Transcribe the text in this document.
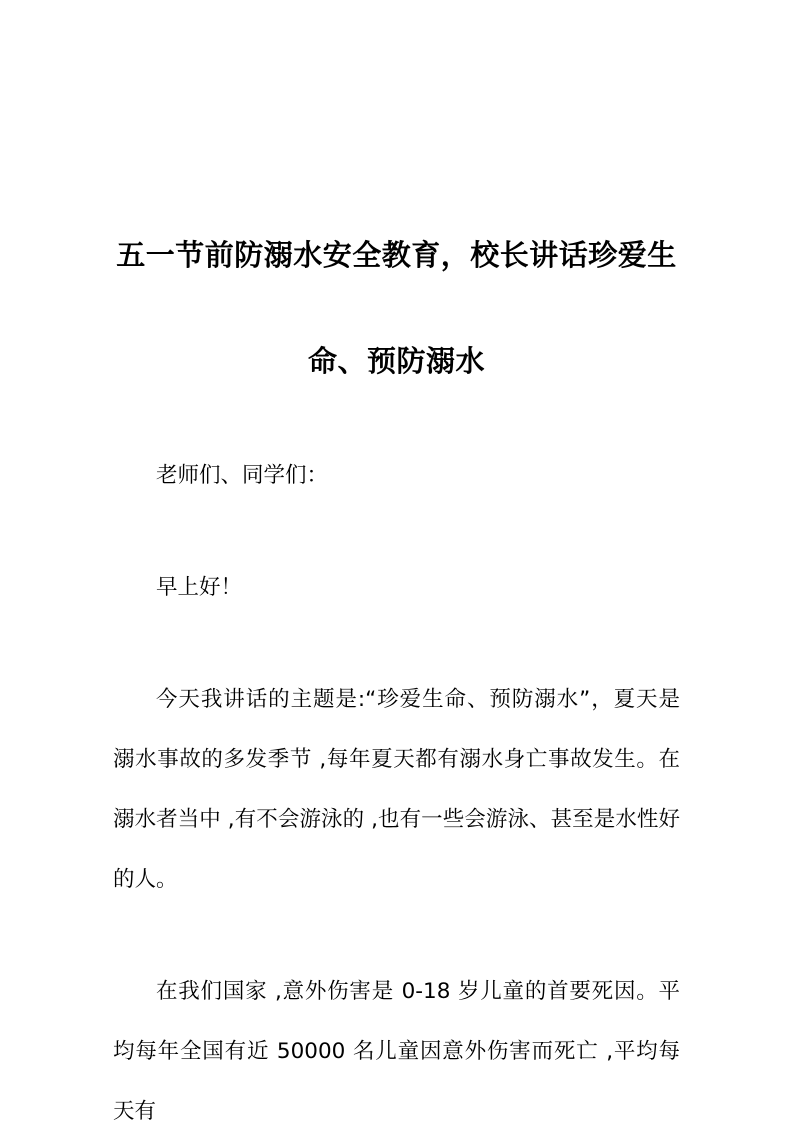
五一节前防溺水安全教育，校长讲话珍爱生命、预防溺水

老师们、同学们：

早上好！

今天我讲话的主题是:“珍爱生命、预防溺水”，夏天是溺水事故的多发季节 ,每年夏天都有溺水身亡事故发生。在溺水者当中 ,有不会游泳的 ,也有一些会游泳、甚至是水性好的人。

在我们国家 ,意外伤害是 0-18 岁儿童的首要死因。平均每年全国有近 50000 名儿童因意外伤害而死亡 ,平均每天有
